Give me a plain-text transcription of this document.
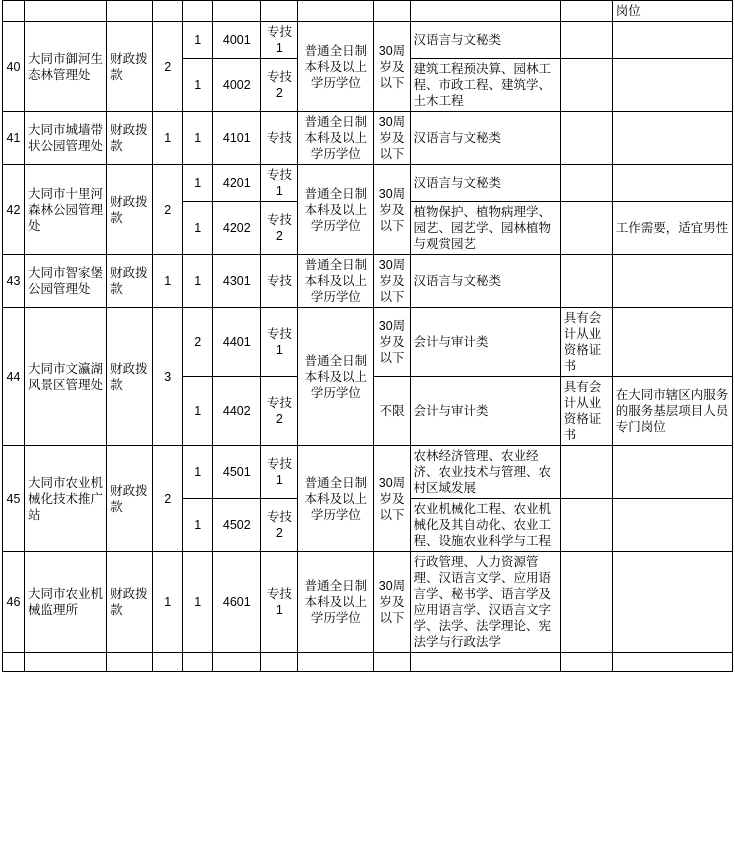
											岗位
40	大同市御河生态林管理处	财政拨款	2	1	4001	专技1	普通全日制本科及以上学历学位	30周岁及以下	汉语言与文秘类		
				1	4002	专技2			建筑工程预决算、园林工程、市政工程、建筑学、土木工程		
41	大同市城墙带状公园管理处	财政拨款	1	1	4101	专技	普通全日制本科及以上学历学位	30周岁及以下	汉语言与文秘类		
42	大同市十里河森林公园管理处	财政拨款	2	1	4201	专技1	普通全日制本科及以上学历学位	30周岁及以下	汉语言与文秘类		
				1	4202	专技2			植物保护、植物病理学、园艺、园艺学、园林植物与观赏园艺		工作需要，适宜男性
43	大同市智家堡公园管理处	财政拨款	1	1	4301	专技	普通全日制本科及以上学历学位	30周岁及以下	汉语言与文秘类		
44	大同市文瀛湖风景区管理处	财政拨款	3	2	4401	专技1	普通全日制本科及以上学历学位	30周岁及以下	会计与审计类	具有会计从业资格证书	
				1	4402	专技2		不限	会计与审计类	具有会计从业资格证书	在大同市辖区内服务的服务基层项目人员专门岗位
45	大同市农业机械化技术推广站	财政拨款	2	1	4501	专技1	普通全日制本科及以上学历学位	30周岁及以下	农林经济管理、农业经济、农业技术与管理、农村区域发展		
				1	4502	专技2			农业机械化工程、农业机械化及其自动化、农业工程、设施农业科学与工程		
46	大同市农业机械监理所	财政拨款	1	1	4601	专技1	普通全日制本科及以上学历学位	30周岁及以下	行政管理、人力资源管理、汉语言文学、应用语言学、秘书学、语言学及应用语言学、汉语言文字学、法学、法学理论、宪法学与行政法学		
